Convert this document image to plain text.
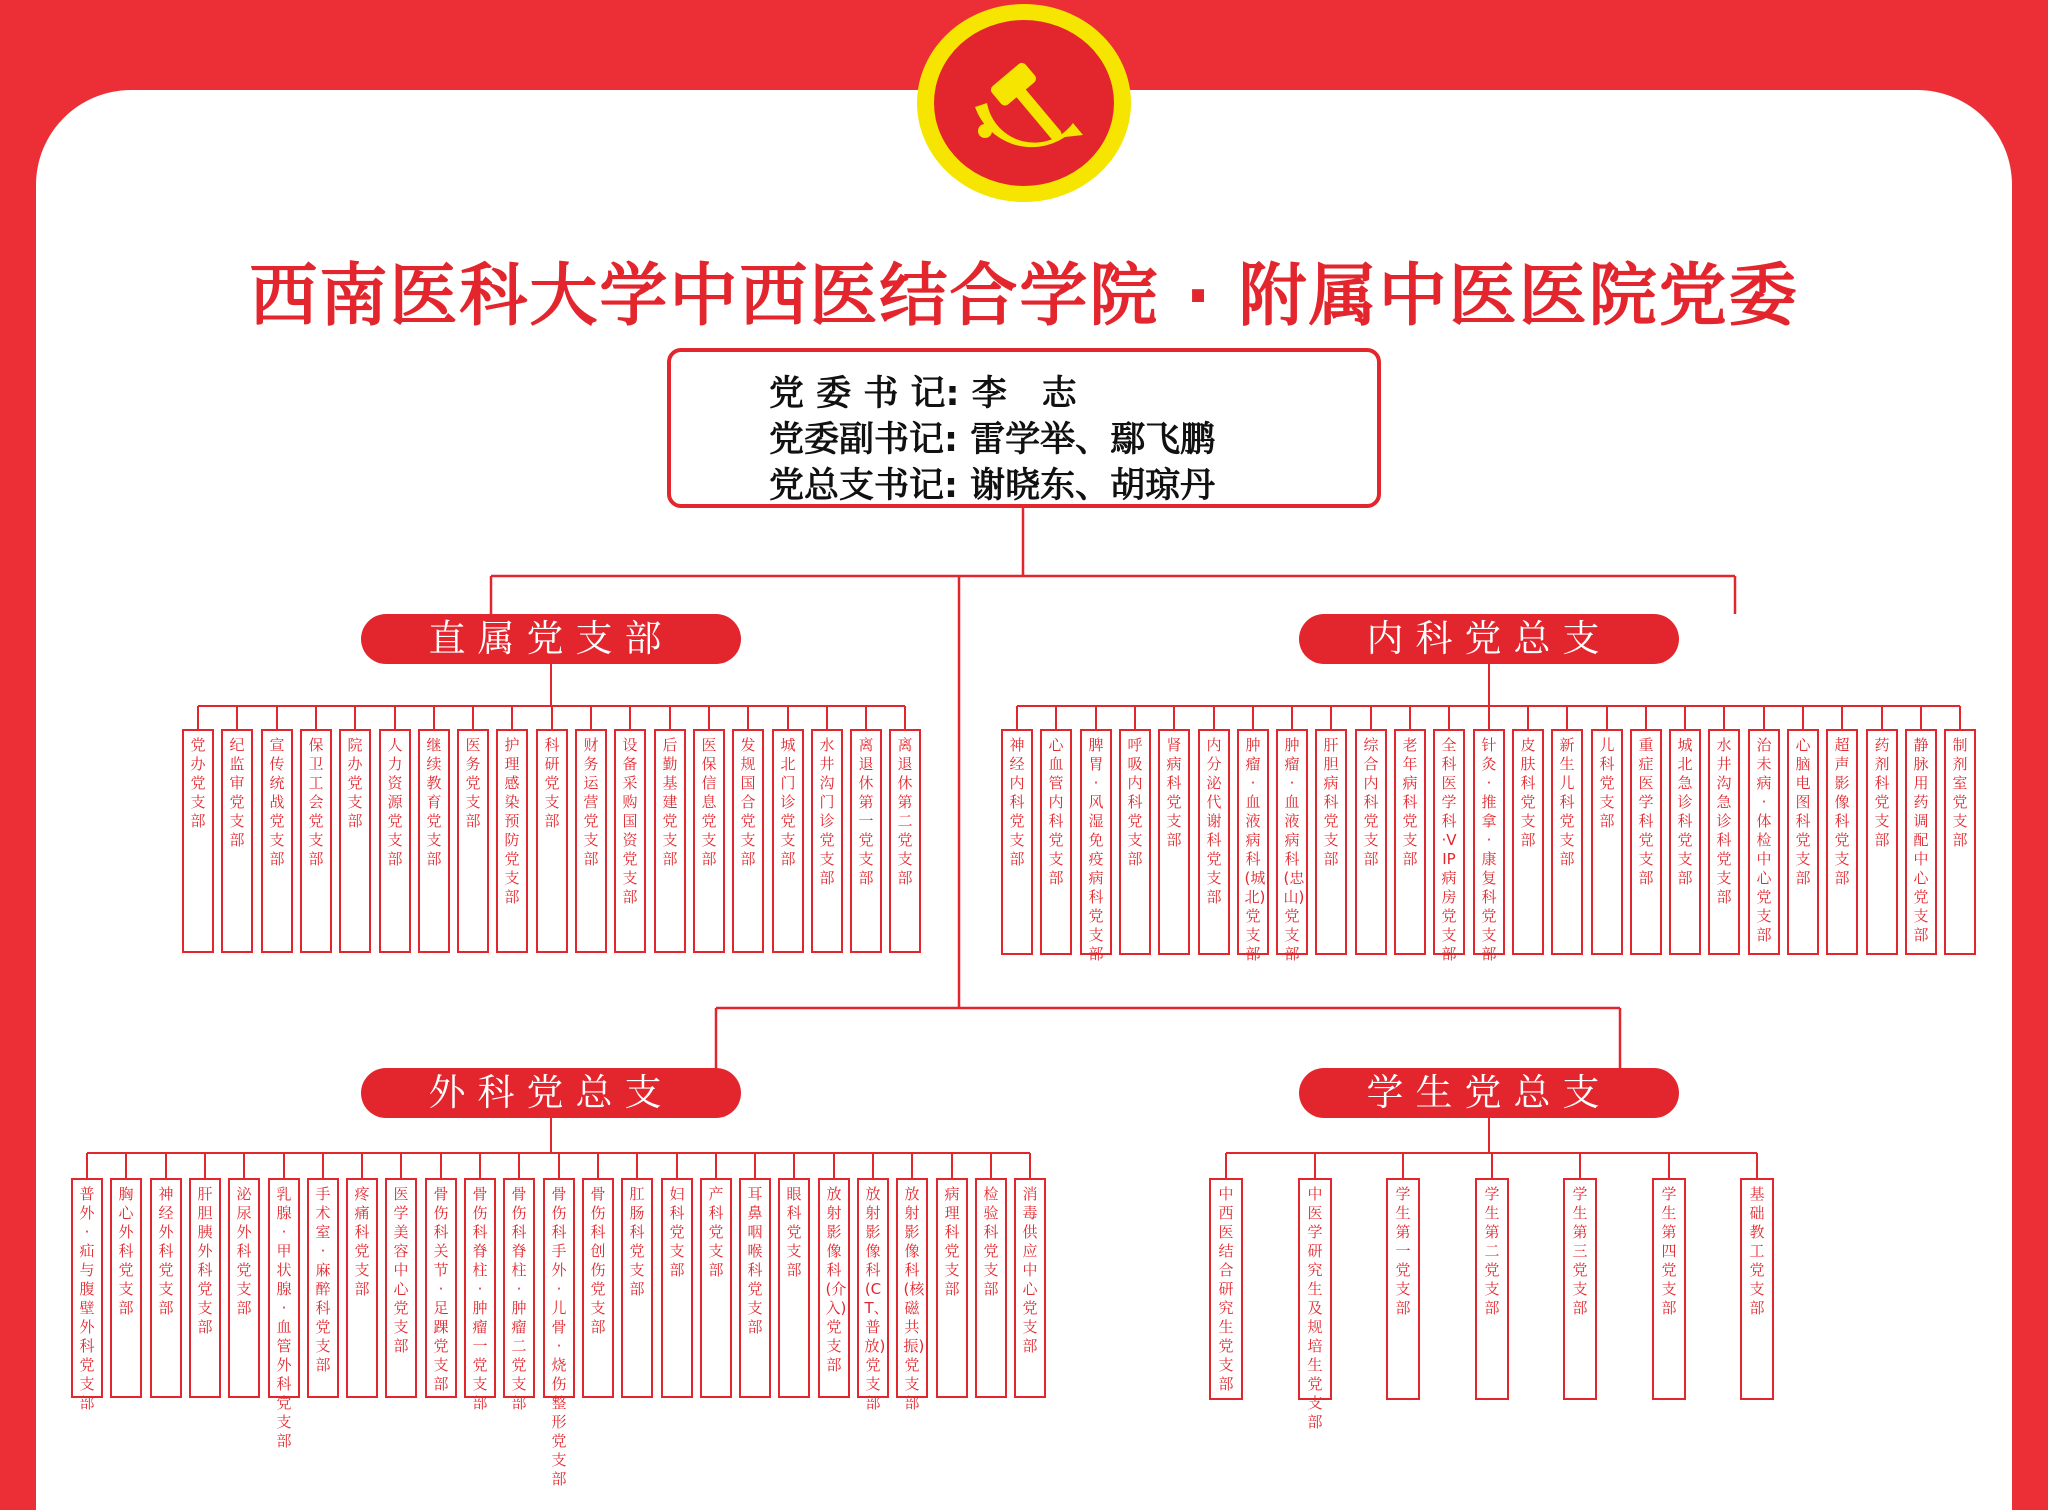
西南医科大学中西医结合学院 · 附属中医医院党委
党 委 书 记: 李　志
党委副书记: 雷学举、鄢飞鹏
党总支书记: 谢晓东、胡琼丹
直属党支部	内科党总支
外科党总支	学生党总支
党办党支部
纪监审党支部
宣传统战党支部
保卫工会党支部
院办党支部
人力资源党支部
继续教育党支部
医务党支部
护理感染预防党支部
科研党支部
财务运营党支部
设备采购国资党支部
后勤基建党支部
医保信息党支部
发规国合党支部
城北门诊党支部
水井沟门诊党支部
离退休第一党支部
离退休第二党支部
神经内科党支部
心血管内科党支部
脾胃·风湿免疫病科党支部
呼吸内科党支部
肾病科党支部
内分泌代谢科党支部
肿瘤·血液病科(城北)党支部
肿瘤·血液病科(忠山)党支部
肝胆病科党支部
综合内科党支部
老年病科党支部
全科医学科·VIP病房党支部
针灸·推拿·康复科党支部
皮肤科党支部
新生儿科党支部
儿科党支部
重症医学科党支部
城北急诊科党支部
水井沟急诊科党支部
治未病·体检中心党支部
心脑电图科党支部
超声影像科党支部
药剂科党支部
静脉用药调配中心党支部
制剂室党支部
普外·疝与腹壁外科党支部
胸心外科党支部
神经外科党支部
肝胆胰外科党支部
泌尿外科党支部
乳腺·甲状腺·血管外科党支部
手术室·麻醉科党支部
疼痛科党支部
医学美容中心党支部
骨伤科关节·足踝党支部
骨伤科脊柱·肿瘤一党支部
骨伤科脊柱·肿瘤二党支部
骨伤科手外·儿骨·烧伤整形党支部
骨伤科创伤党支部
肛肠科党支部
妇科党支部
产科党支部
耳鼻咽喉科党支部
眼科党支部
放射影像科(介入)党支部
放射影像科(CT、普放)党支部
放射影像科(核磁共振)党支部
病理科党支部
检验科党支部
消毒供应中心党支部
中西医结合研究生党支部
中医学研究生及规培生党支部
学生第一党支部
学生第二党支部
学生第三党支部
学生第四党支部
基础教工党支部
